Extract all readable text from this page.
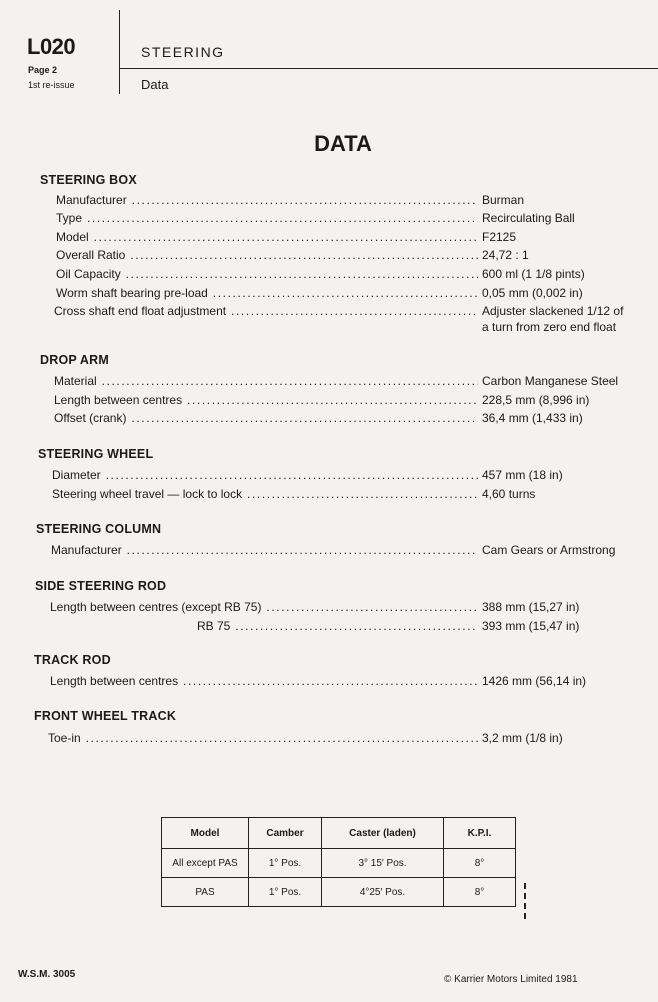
L020
Page 2
1st re-issue
STEERING
Data
DATA
STEERING BOX
Manufacturer .....	Burman
Type .....	Recirculating Ball
Model .....	F2125
Overall Ratio .....	24,72 : 1
Oil Capacity .....	600 ml (1 1/8 pints)
Worm shaft bearing pre-load .....	0,05 mm (0,002 in)
Cross shaft end float adjustment .....	Adjuster slackened 1/12 of
a turn from zero end float
DROP ARM
Material .....	Carbon Manganese Steel
Length between centres .....	228,5 mm (8,996 in)
Offset (crank) .....	36,4 mm (1,433 in)
STEERING WHEEL
Diameter .....	457 mm (18 in)
Steering wheel travel — lock to lock .....	4,60 turns
STEERING COLUMN
Manufacturer .....	Cam Gears or Armstrong
SIDE STEERING ROD
Length between centres (except RB 75) .....	388 mm (15,27 in)
RB 75 .....	393 mm (15,47 in)
TRACK ROD
Length between centres .....	1426 mm (56,14 in)
FRONT WHEEL TRACK
Toe-in .....	3,2 mm (1/8 in)
Model	Camber	Caster (laden)	K.P.I.
All except PAS	1° Pos.	3° 15′ Pos.	8°
PAS	1° Pos.	4°25′ Pos.	8°
W.S.M. 3005	© Karrier Motors Limited 1981
